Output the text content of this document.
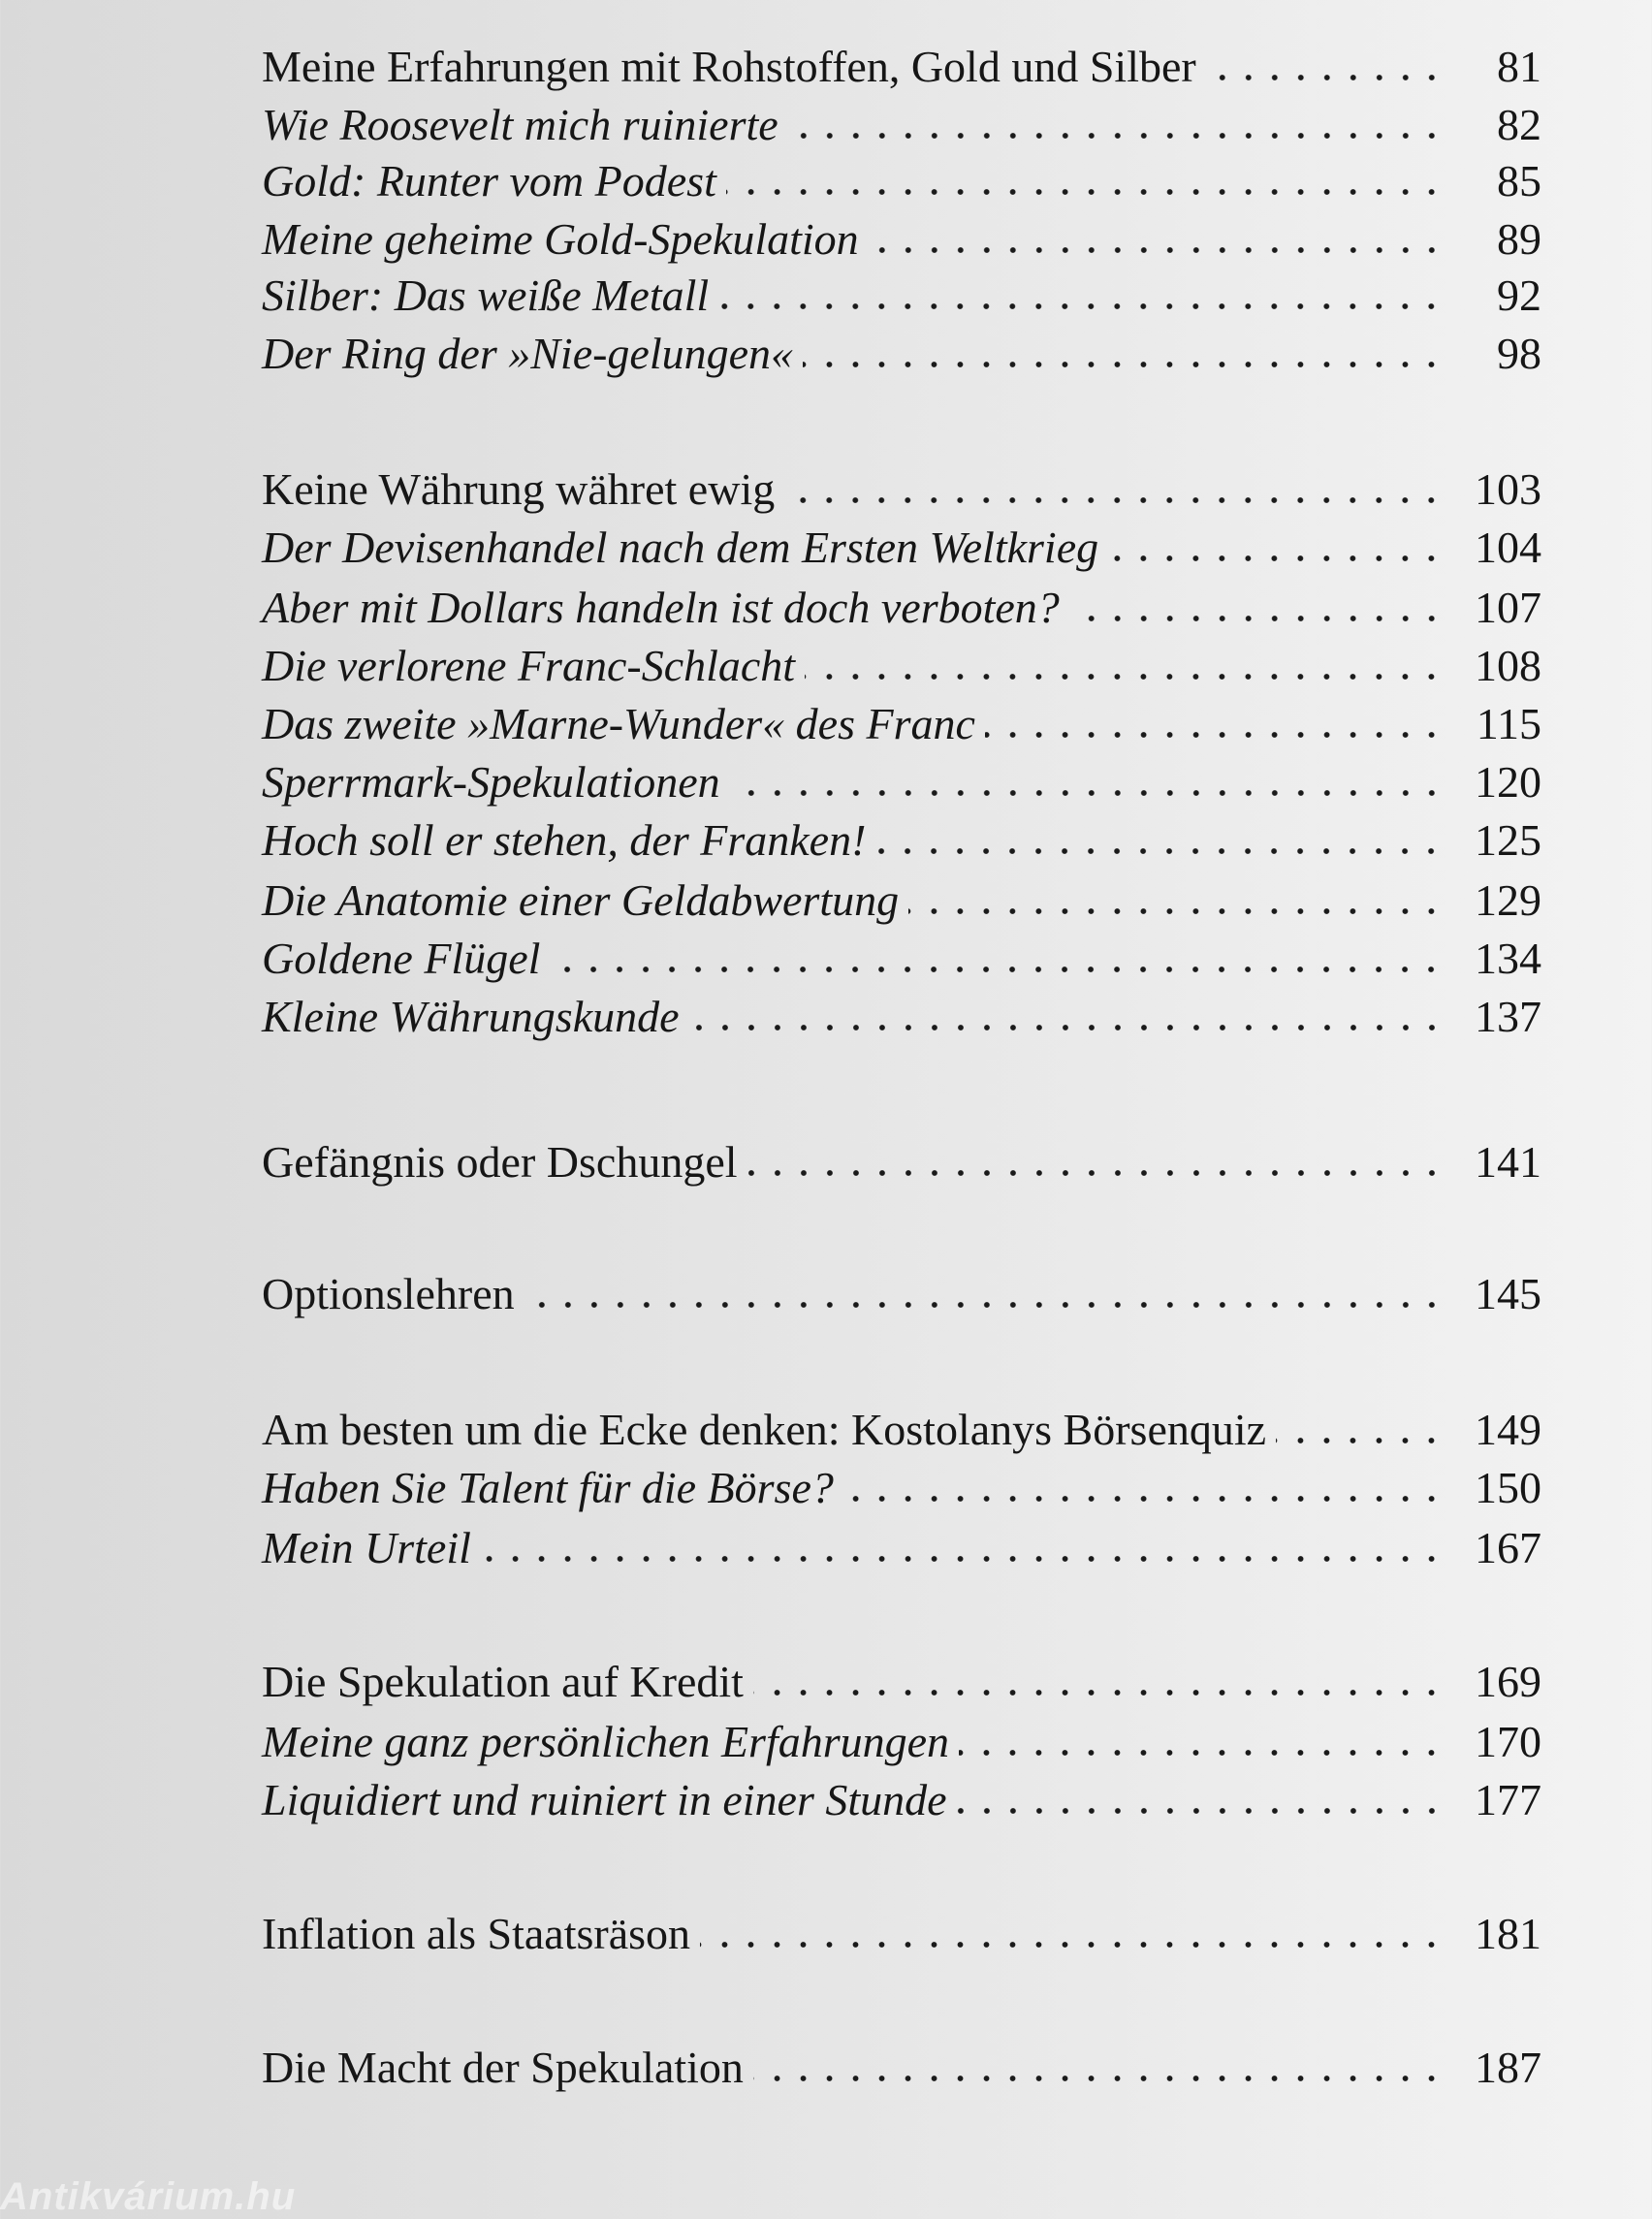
Meine Erfahrungen mit Rohstoffen, Gold und Silber	81
Wie Roosevelt mich ruinierte	82
Gold: Runter vom Podest	85
Meine geheime Gold-Spekulation	89
Silber: Das weiße Metall	92
Der Ring der »Nie-gelungen«	98
Keine Währung währet ewig	103
Der Devisenhandel nach dem Ersten Weltkrieg	104
Aber mit Dollars handeln ist doch verboten?	107
Die verlorene Franc-Schlacht	108
Das zweite »Marne-Wunder« des Franc	115
Sperrmark-Spekulationen	120
Hoch soll er stehen, der Franken!	125
Die Anatomie einer Geldabwertung	129
Goldene Flügel	134
Kleine Währungskunde	137
Gefängnis oder Dschungel	141
Optionslehren	145
Am besten um die Ecke denken: Kostolanys Börsenquiz	149
Haben Sie Talent für die Börse?	150
Mein Urteil	167
Die Spekulation auf Kredit	169
Meine ganz persönlichen Erfahrungen	170
Liquidiert und ruiniert in einer Stunde	177
Inflation als Staatsräson	181
Die Macht der Spekulation	187
Antikvárium.hu
